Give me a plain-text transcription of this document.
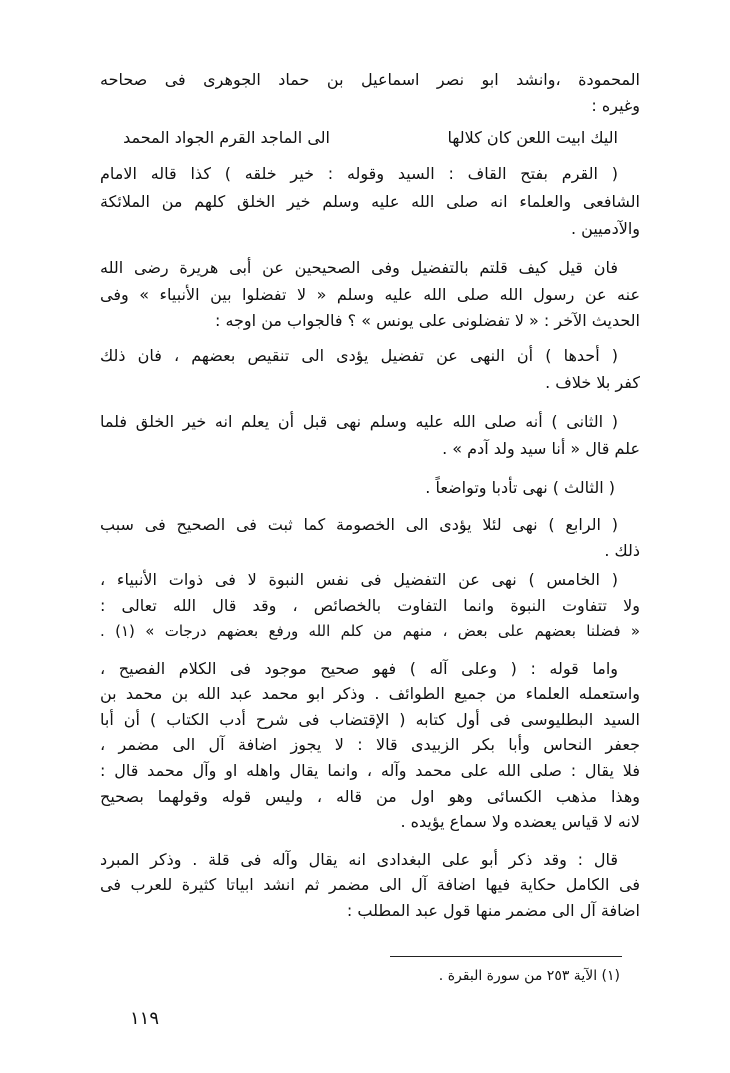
المحمودة ،وانشد ابو نصر اسماعيل بن حماد الجوهرى فى صحاحه
وغيره :
اليك ابيت اللعن كان كلالها
الى الماجد القرم الجواد المحمد
( القرم بفتح القاف : السيد وقوله : خير خلقه ) كذا قاله الامام
الشافعى والعلماء انه صلى الله عليه وسلم خير الخلق كلهم من الملائكة
والآدميين .
فان قيل كيف قلتم بالتفضيل وفى الصحيحين عن أبى هريرة رضى الله
عنه عن رسول الله صلى الله عليه وسلم « لا تفضلوا بين الأنبياء » وفى
الحديث الآخر : « لا تفضلونى على يونس » ؟ فالجواب من اوجه :
( أحدها ) أن النهى عن تفضيل يؤدى الى تنقيص بعضهم ، فان ذلك
كفر بلا خلاف .
( الثانى ) أنه صلى الله عليه وسلم نهى قبل أن يعلم انه خير الخلق فلما
علم قال « أنا سيد ولد آدم » .
( الثالث ) نهى تأدبا وتواضعاً .
( الرابع ) نهى لئلا يؤدى الى الخصومة كما ثبت فى الصحيح فى سبب
ذلك .
( الخامس ) نهى عن التفضيل فى نفس النبوة لا فى ذوات الأنبياء ،
ولا تتفاوت النبوة وانما التفاوت بالخصائص ، وقد قال الله تعالى :
« فضلنا بعضهم على بعض ، منهم من كلم الله ورفع بعضهم درجات » (١) .
واما قوله : ( وعلى آله ) فهو صحيح موجود فى الكلام الفصيح ،
واستعمله العلماء من جميع الطوائف . وذكر ابو محمد عبد الله بن محمد بن
السيد البطليوسى فى أول كتابه ( الإقتضاب فى شرح أدب الكتاب ) أن أبا
جعفر النحاس وأبا بكر الزبيدى قالا : لا يجوز اضافة آل الى مضمر ،
فلا يقال : صلى الله على محمد وآله ، وانما يقال واهله او وآل محمد قال :
وهذا مذهب الكسائى وهو اول من قاله ، وليس قوله وقولهما بصحيح
لانه لا قياس يعضده ولا سماع يؤيده .
قال : وقد ذكر أبو على البغدادى انه يقال وآله فى قلة . وذكر المبرد
فى الكامل حكاية فيها اضافة آل الى مضمر ثم انشد ابياتا كثيرة للعرب فى
اضافة آل الى مضمر منها قول عبد المطلب :
(١) الآية ٢٥٣ من سورة البقرة .
١١٩
